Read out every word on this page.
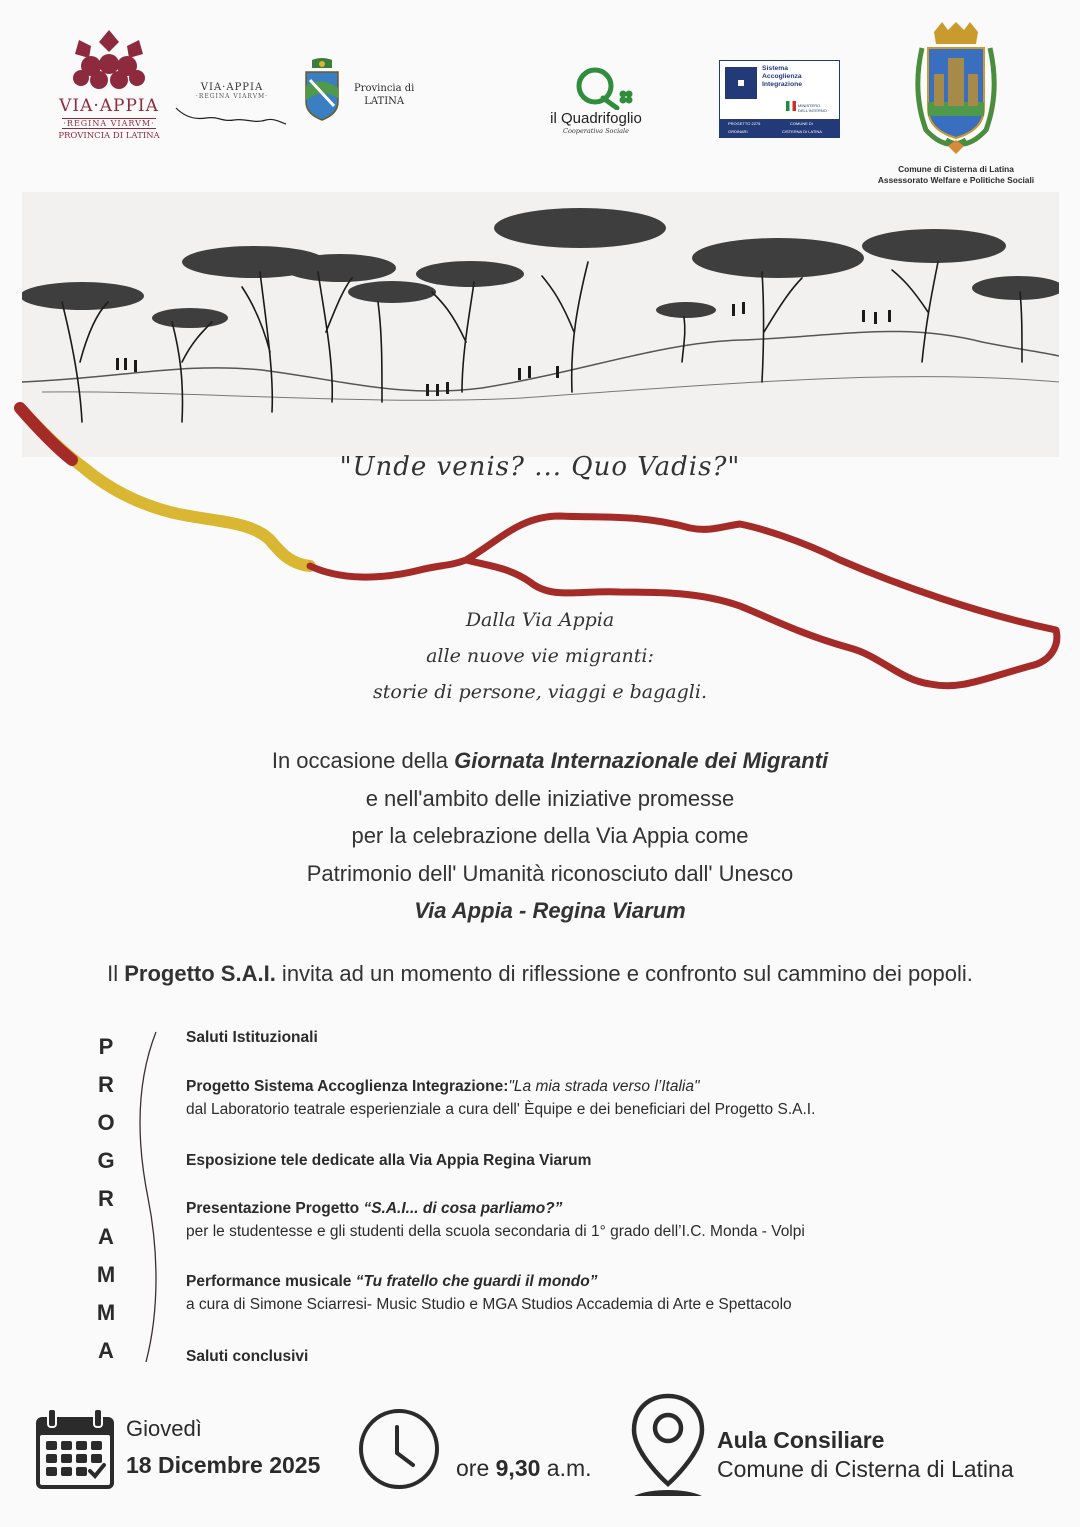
VIA·APPIA
·REGINA VIARVM·
PROVINCIA DI LATINA
VIA·APPIA
·REGINA VIARVM·
Provincia di
LATINA
il Quadrifoglio
Cooperativa Sociale
Sistema
Accoglienza
Integrazione
MINISTERO DELL'INTERNO
PROGETTO 2275
ORDINARI
COMUNE DI
CISTERNA DI LATINA
Comune di Cisterna di Latina
Assessorato Welfare e Politiche Sociali
"Unde venis? ... Quo Vadis?"
Dalla Via Appia
alle nuove vie migranti:
storie di persone, viaggi e bagagli.
In occasione della Giornata Internazionale dei Migranti
e nell'ambito delle iniziative promesse
per la celebrazione della Via Appia come
Patrimonio dell' Umanità riconosciuto dall' Unesco
Via Appia - Regina Viarum
Il Progetto S.A.I. invita ad un momento di riflessione e confronto sul cammino dei popoli.
P
R
O
G
R
A
M
M
A
Saluti Istituzionali
Progetto Sistema Accoglienza Integrazione:"La mia strada verso l’Italia"
dal Laboratorio teatrale esperienziale a cura dell' Èquipe e dei beneficiari del Progetto S.A.I.
Esposizione tele dedicate alla Via Appia Regina Viarum
Presentazione Progetto “S.A.I... di cosa parliamo?”
per le studentesse e gli studenti della scuola secondaria di 1° grado dell’I.C. Monda - Volpi
Performance musicale “Tu fratello che guardi il mondo”
a cura di Simone Sciarresi- Music Studio e MGA Studios Accademia di Arte e Spettacolo
Saluti conclusivi
Giovedì
18 Dicembre 2025	ore 9,30 a.m.
Aula Consiliare
Comune di Cisterna di Latina
